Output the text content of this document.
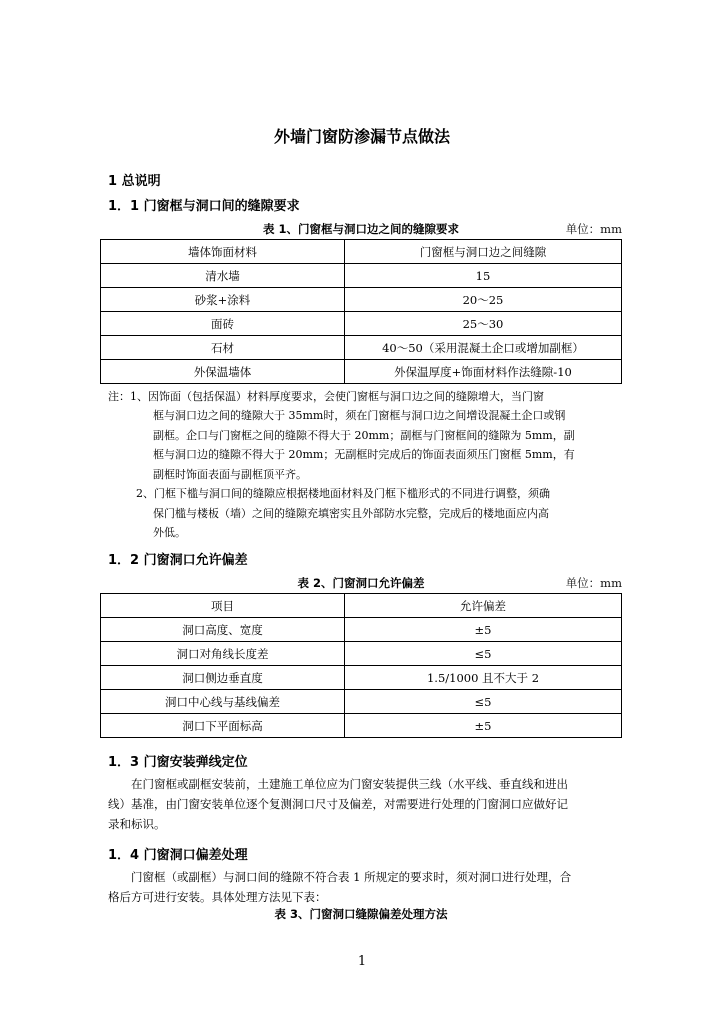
外墙门窗防渗漏节点做法
1 总说明
1．1 门窗框与洞口间的缝隙要求
表 1、门窗框与洞口边之间的缝隙要求	单位：mm
墙体饰面材料	门窗框与洞口边之间缝隙
清水墙	15
砂浆+涂料	20～25
面砖	25～30
石材	40～50（采用混凝土企口或增加副框）
外保温墙体	外保温厚度+饰面材料作法缝隙-10
注：1、因饰面（包括保温）材料厚度要求，会使门窗框与洞口边之间的缝隙增大，当门窗
框与洞口边之间的缝隙大于 35mm时，须在门窗框与洞口边之间增设混凝土企口或钢
副框。企口与门窗框之间的缝隙不得大于 20mm；副框与门窗框间的缝隙为 5mm，副
框与洞口边的缝隙不得大于 20mm；无副框时完成后的饰面表面须压门窗框 5mm，有
副框时饰面表面与副框顶平齐。
2、门框下槛与洞口间的缝隙应根据楼地面材料及门框下槛形式的不同进行调整，须确
保门槛与楼板（墙）之间的缝隙充填密实且外部防水完整，完成后的楼地面应内高
外低。
1．2 门窗洞口允许偏差
表 2、门窗洞口允许偏差	单位：mm
项目	允许偏差
洞口高度、宽度	±5
洞口对角线长度差	≤5
洞口侧边垂直度	1.5/1000 且不大于 2
洞口中心线与基线偏差	≤5
洞口下平面标高	±5
1．3 门窗安装弹线定位
在门窗框或副框安装前，土建施工单位应为门窗安装提供三线（水平线、垂直线和进出
线）基准，由门窗安装单位逐个复测洞口尺寸及偏差，对需要进行处理的门窗洞口应做好记
录和标识。
1．4 门窗洞口偏差处理
门窗框（或副框）与洞口间的缝隙不符合表 1 所规定的要求时，须对洞口进行处理，合
格后方可进行安装。具体处理方法见下表：
表 3、门窗洞口缝隙偏差处理方法
1
